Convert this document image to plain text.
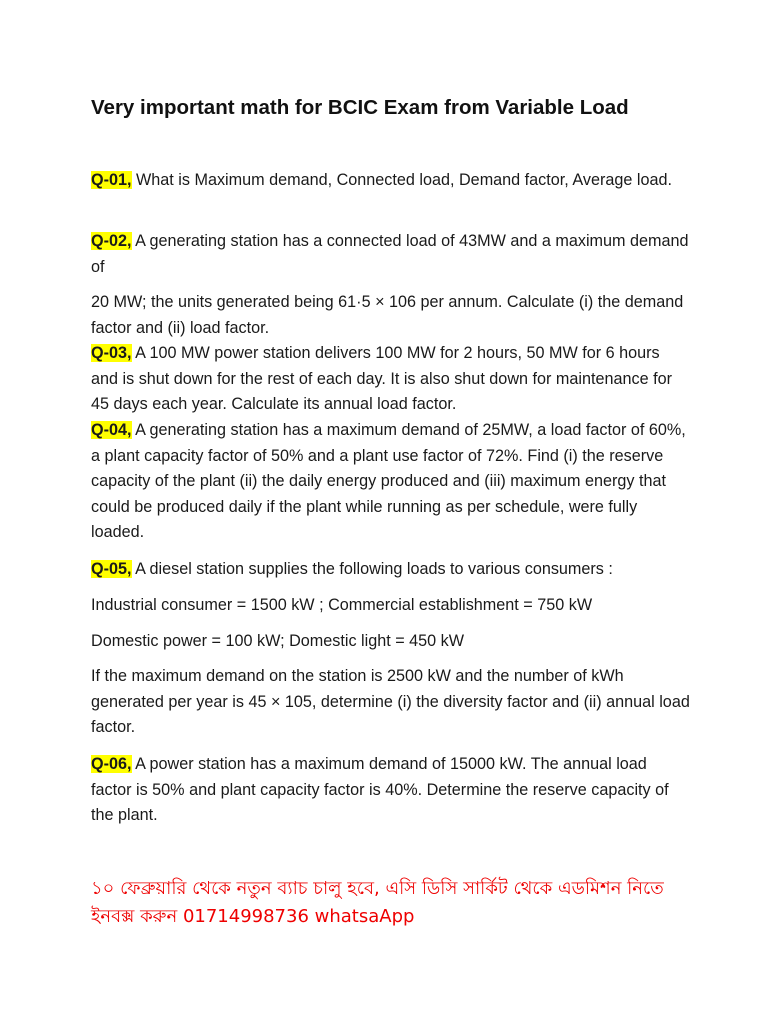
Very important math for BCIC Exam from Variable Load

Q-01, What is Maximum demand, Connected load, Demand factor, Average load.

Q-02, A generating station has a connected load of 43MW and a maximum demand of

20 MW; the units generated being 61·5 × 106 per annum. Calculate (i) the demand factor and (ii) load factor.

Q-03, A 100 MW power station delivers 100 MW for 2 hours, 50 MW for 6 hours and is shut down for the rest of each day. It is also shut down for maintenance for 45 days each year. Calculate its annual load factor.

Q-04, A generating station has a maximum demand of 25MW, a load factor of 60%, a plant capacity factor of 50% and a plant use factor of 72%. Find (i) the reserve capacity of the plant (ii) the daily energy produced and (iii) maximum energy that could be produced daily if the plant while running as per schedule, were fully loaded.

Q-05, A diesel station supplies the following loads to various consumers :

Industrial consumer = 1500 kW ; Commercial establishment = 750 kW

Domestic power = 100 kW; Domestic light = 450 kW

If the maximum demand on the station is 2500 kW and the number of kWh generated per year is 45 × 105, determine (i) the diversity factor and (ii) annual load factor.

Q-06, A power station has a maximum demand of 15000 kW. The annual load factor is 50% and plant capacity factor is 40%. Determine the reserve capacity of the plant.

১০ ফেব্রুয়ারি থেকে নতুন ব্যাচ চালু হবে, এসি ডিসি সার্কিট থেকে এডমিশন নিতে
ইনবক্স করুন 01714998736 whatsaApp
